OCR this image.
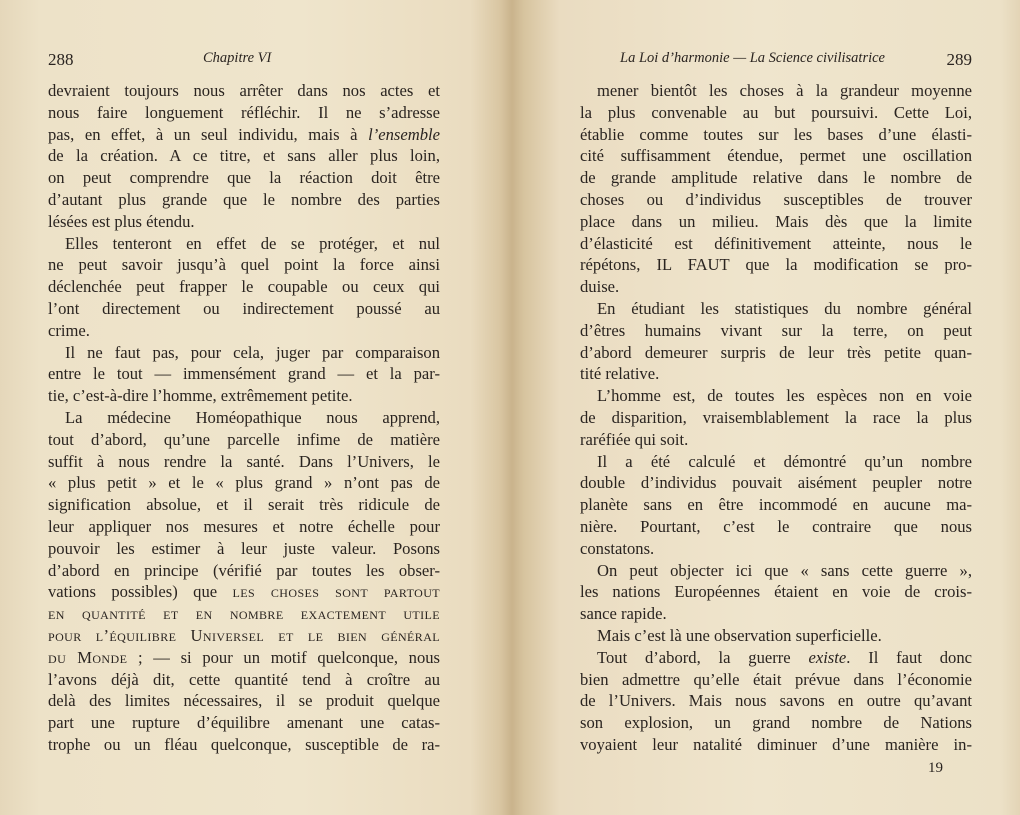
288	Chapitre VI

devraient toujours nous arrêter dans nos actes et
nous faire longuement réfléchir. Il ne s’adresse
pas, en effet, à un seul individu, mais à l’ensemble
de la création. A ce titre, et sans aller plus loin,
on peut comprendre que la réaction doit être
d’autant plus grande que le nombre des parties
lésées est plus étendu.

Elles tenteront en effet de se protéger, et nul
ne peut savoir jusqu’à quel point la force ainsi
déclenchée peut frapper le coupable ou ceux qui
l’ont directement ou indirectement poussé au
crime.

Il ne faut pas, pour cela, juger par comparaison
entre le tout — immensément grand — et la par-
tie, c’est-à-dire l’homme, extrêmement petite.

La médecine Homéopathique nous apprend,
tout d’abord, qu’une parcelle infime de matière
suffit à nous rendre la santé. Dans l’Univers, le
« plus petit » et le « plus grand » n’ont pas de
signification absolue, et il serait très ridicule de
leur appliquer nos mesures et notre échelle pour
pouvoir les estimer à leur juste valeur. Posons
d’abord en principe (vérifié par toutes les obser-
vations possibles) que les choses sont partout
en quantité et en nombre exactement utile
pour l’équilibre Universel et le bien général
du Monde ; — si pour un motif quelconque, nous
l’avons déjà dit, cette quantité tend à croître au
delà des limites nécessaires, il se produit quelque
part une rupture d’équilibre amenant une catas-
trophe ou un fléau quelconque, susceptible de ra-

La Loi d’harmonie — La Science civilisatrice	289

mener bientôt les choses à la grandeur moyenne
la plus convenable au but poursuivi. Cette Loi,
établie comme toutes sur les bases d’une élasti-
cité suffisamment étendue, permet une oscillation
de grande amplitude relative dans le nombre de
choses ou d’individus susceptibles de trouver
place dans un milieu. Mais dès que la limite
d’élasticité est définitivement atteinte, nous le
répétons, IL FAUT que la modification se pro-
duise.

En étudiant les statistiques du nombre général
d’êtres humains vivant sur la terre, on peut
d’abord demeurer surpris de leur très petite quan-
tité relative.

L’homme est, de toutes les espèces non en voie
de disparition, vraisemblablement la race la plus
raréfiée qui soit.

Il a été calculé et démontré qu’un nombre
double d’individus pouvait aisément peupler notre
planète sans en être incommodé en aucune ma-
nière. Pourtant, c’est le contraire que nous
constatons.

On peut objecter ici que « sans cette guerre »,
les nations Européennes étaient en voie de crois-
sance rapide.

Mais c’est là une observation superficielle.

Tout d’abord, la guerre existe. Il faut donc
bien admettre qu’elle était prévue dans l’économie
de l’Univers. Mais nous savons en outre qu’avant
son explosion, un grand nombre de Nations
voyaient leur natalité diminuer d’une manière in-

19
